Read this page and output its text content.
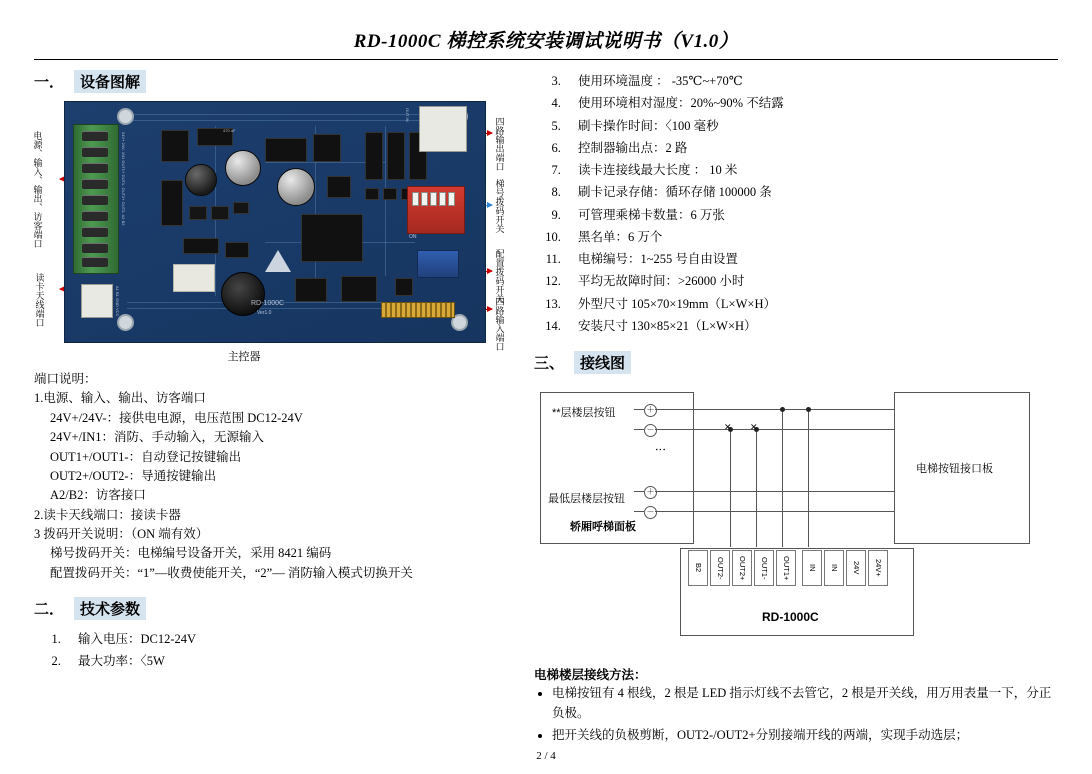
RD-1000C 梯控系统安装调试说明书（V1.0）
一．	设备图解
电源、输入、输出、访客端口
读卡天线端口
四路输出端口
梯号拨码开关
配置拨码开关
四路输入端口
24V+ 24V- 1N1 OUT1+ OUT1- OUT2+ OUT2- A2 B2
A1 B1 GND VCC
470 uF
RD-1000C
Ver1.0
OUT IN
ON
主控器

端口说明：

1.电源、输入、输出、访客端口

24V+/24V-：接供电电源，电压范围 DC12-24V

24V+/IN1：消防、手动输入，无源输入

OUT1+/OUT1-：自动登记按键输出

OUT2+/OUT2-：导通按键输出

A2/B2：访客接口

2.读卡天线端口：接读卡器

3 拨码开关说明：（ON 端有效）

梯号拨码开关：电梯编号设备开关，采用 8421 编码

配置拨码开关：“1”—收费使能开关，“2”— 消防输入模式切换开关

二．	技术参数
1. 输入电压：DC12-24V
2. 最大功率：〈5W
3. 使用环境温度 ： -35℃~+70℃
4. 使用环境相对湿度：20%~90% 不结露
5. 刷卡操作时间：〈100 毫秒
6. 控制器输出点：2 路
7. 读卡连接线最大长度 ： 10 米
8. 刷卡记录存储：循环存储 100000 条
9. 可管理乘梯卡数量：6 万张
10. 黑名单：6 万个
11. 电梯编号：1~255 号自由设置
12. 平均无故障时间：>26000 小时
13. 外型尺寸 105×70×19mm（L×W×H）
14. 安装尺寸 130×85×21（L×W×H）
三、	接线图
轿厢呼梯面板
**层楼层按钮	＋
－
最低层楼层按钮
＋
－
⋮
电梯按钮接口板
✕ ✕
RD-1000C
B2	OUT2-	OUT2+	OUT1-	OUT1+	IN	IN	24V	24V+
电梯楼层接线方法：
• 电梯按钮有 4 根线，2 根是 LED 指示灯线不去管它，2 根是开关线，用万用表量一下，分正负极。
• 把开关线的负极剪断，OUT2-/OUT2+分别接端开线的两端，实现手动选层；
2 / 4
